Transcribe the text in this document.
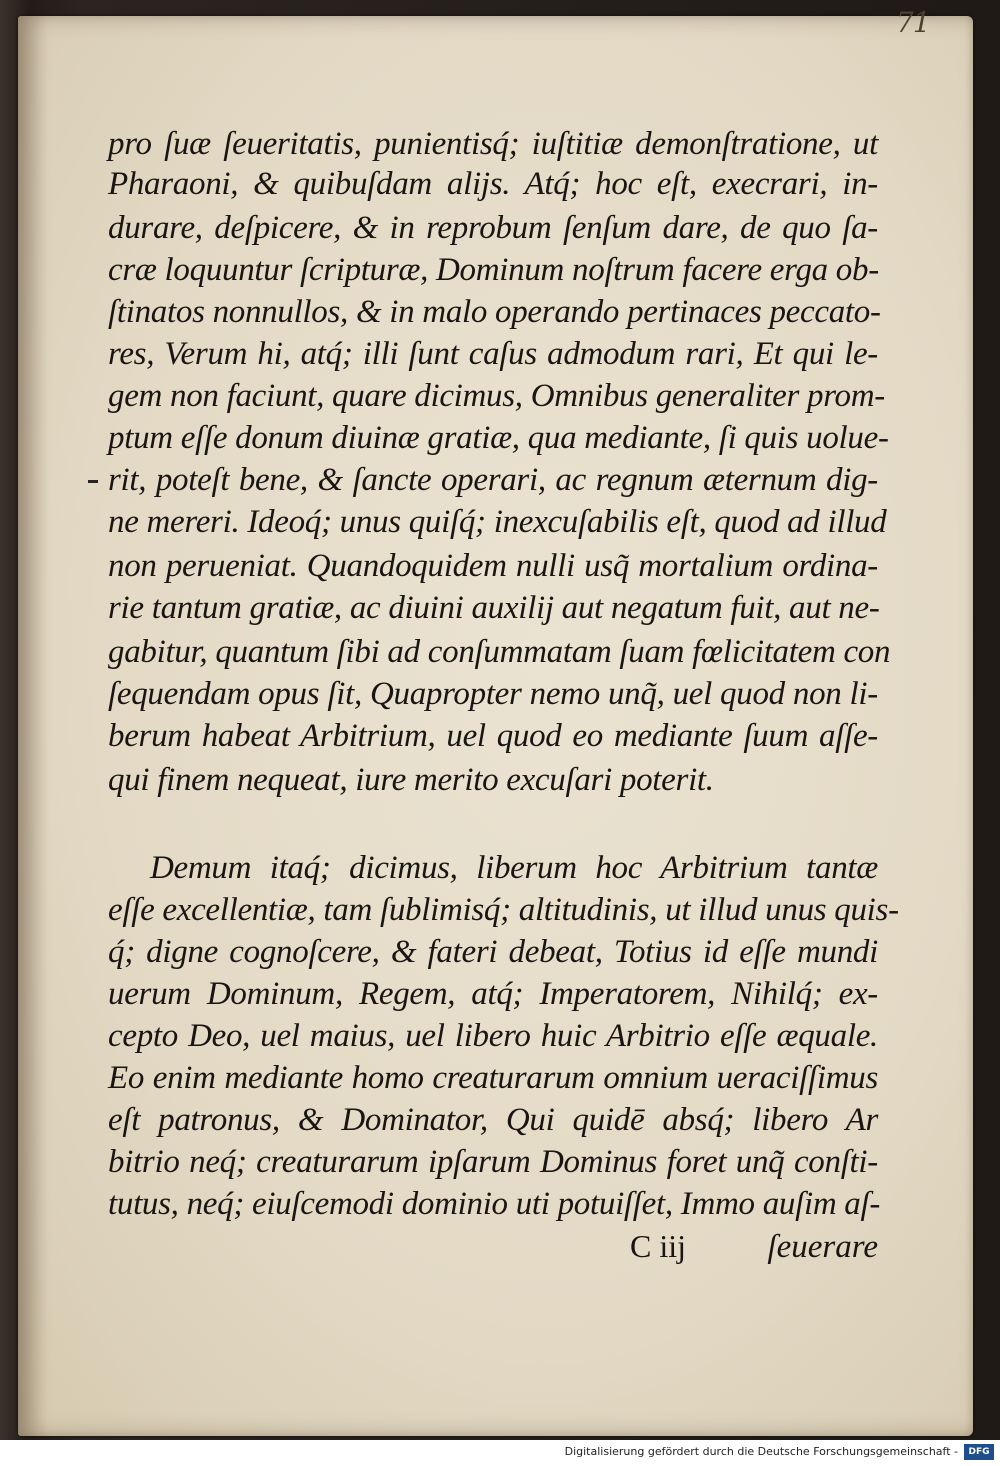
71

pro ſuæ ſeueritatis, punientisq́; iuſtitiæ demonſtratione, ut

Pharaoni, & quibuſdam alijs. Atq́; hoc eſt, execrari, in-

durare, deſpicere, & in reprobum ſenſum dare, de quo ſa-

cræ loquuntur ſcripturæ, Dominum noſtrum facere erga ob-

ſtinatos nonnullos, & in malo operando pertinaces peccato-

res, Verum hi, atq́; illi ſunt caſus admodum rari, Et qui le-

gem non faciunt, quare dicimus, Omnibus generaliter prom-

ptum eſſe donum diuinæ gratiæ, qua mediante, ſi quis uolue-

rit, poteſt bene, & ſancte operari, ac regnum æternum dig-

ne mereri. Ideoq́; unus quiſq́; inexcuſabilis eſt, quod ad illud

non perueniat. Quandoquidem nulli usq̃ mortalium ordina-

rie tantum gratiæ, ac diuini auxilij aut negatum fuit, aut ne-

gabitur, quantum ſibi ad conſummatam ſuam fœlicitatem con

ſequendam opus ſit, Quapropter nemo unq̃, uel quod non li-

berum habeat Arbitrium, uel quod eo mediante ſuum aſſe-

qui finem nequeat, iure merito excuſari poterit.

Demum itaq́; dicimus, liberum hoc Arbitrium tantæ

eſſe excellentiæ, tam ſublimisq́; altitudinis, ut illud unus quis-

q́; digne cognoſcere, & fateri debeat, Totius id eſſe mundi

uerum Dominum, Regem, atq́; Imperatorem, Nihilq́; ex-

cepto Deo, uel maius, uel libero huic Arbitrio eſſe æquale.

Eo enim mediante homo creaturarum omnium ueraciſſimus

eſt patronus, & Dominator, Qui quidē absq́; libero Ar

bitrio neq́; creaturarum ipſarum Dominus foret unq̃ conſti-

tutus, neq́; eiuſcemodi dominio uti potuiſſet, Immo auſim aſ-

C iij ſeuerare
Digitalisierung gefördert durch die Deutsche Forschungsgemeinschaft -	DFG
